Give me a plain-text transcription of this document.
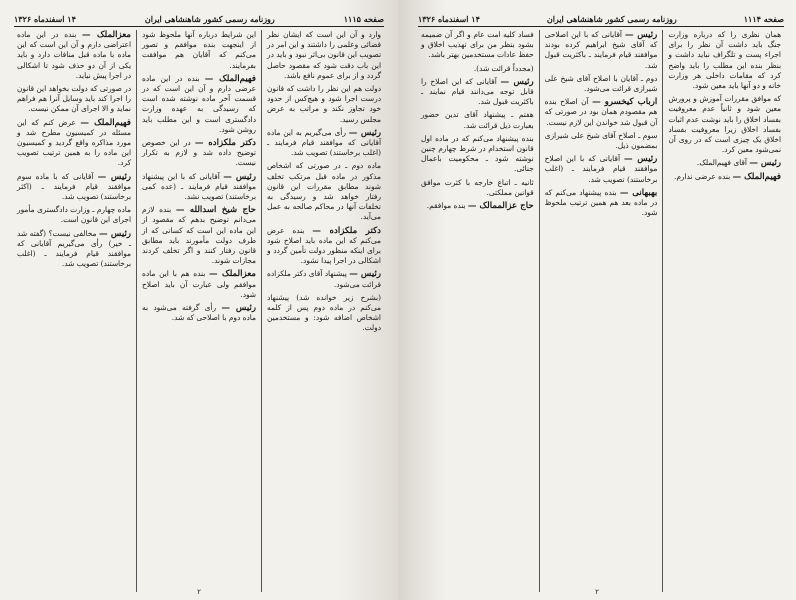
صفحه ۱۱۱۵
روزنامه رسمی کشور شاهنشاهی ایران
۱۴ اسفندماه ۱۳۲۶

وارد و آن این است که ایشان نظر قضائی وعلمی را داشتند و این امر در تصویب این قانون بی‌اثر نبود و باید در این باب دقت شود که مقصود حاصل گردد و از برای عموم نافع باشد.

دولت هم این نظر را داشت که قانون درست اجرا شود و هیچ‌کس از حدود خود تجاوز نکند و مراتب به عرض مجلس رسید.

رئیس — رأی می‌گیریم به این ماده آقایانی که موافقند قیام فرمایند ـ (اغلب برخاستند) تصویب شد.

ماده دوم ـ در صورتی که اشخاص مذکور در ماده قبل مرتکب تخلف شوند مطابق مقررات این قانون رفتار خواهد شد و رسیدگی به تخلفات آنها در محاکم صالحه به عمل می‌آید.

دکتر ملکزاده — بنده عرض می‌کنم که این ماده باید اصلاح شود برای اینکه منظور دولت تأمین گردد و اشکالی در اجرا پیدا نشود.

رئیس — پیشنهاد آقای دکتر ملکزاده قرائت می‌شود.

(بشرح زیر خوانده شد) پیشنهاد می‌کنم در ماده دوم پس از کلمه اشخاص اضافه شود: و مستخدمین دولت.

این شرایط درباره آنها ملحوظ شود از اینجهت بنده موافقم و تصور می‌کنم که آقایان هم موافقت بفرمایند.

فهیم‌الملک — بنده در این ماده عرضی دارم و آن این است که در قسمت آخر ماده نوشته شده است که رسیدگی به عهده وزارت دادگستری است و این مطلب باید روشن شود.

دکتر ملکزاده — در این خصوص توضیح داده شد و لازم به تکرار نیست.

رئیس — آقایانی که با این پیشنهاد موافقند قیام فرمایند ـ (عده کمی برخاستند) تصویب نشد.

حاج شیخ اسدالله — بنده لازم می‌دانم توضیح بدهم که مقصود از این ماده این است که کسانی که از طرف دولت مأمورند باید مطابق قانون رفتار کنند و اگر تخلف کردند مجازات شوند.

معزالملک — بنده هم با این ماده موافقم ولی عبارت آن باید اصلاح شود.

رئیس — رأی گرفته می‌شود به ماده دوم با اصلاحی که شد.

معزالملک — بنده در این ماده اعتراضی دارم و آن این است که این ماده با ماده قبل منافات دارد و باید یکی از آن دو حذف شود تا اشکالی در اجرا پیش نیاید.

در صورتی که دولت بخواهد این قانون را اجرا کند باید وسایل آنرا هم فراهم نماید و الا اجرای آن ممکن نیست.

فهیم‌الملک — عرض کنم که این مسئله در کمیسیون مطرح شد و مورد مذاکره واقع گردید و کمیسیون این ماده را به همین ترتیب تصویب کرد.

رئیس — آقایانی که با ماده سوم موافقند قیام فرمایند ـ (اکثر برخاستند) تصویب شد.

ماده چهارم ـ وزارت دادگستری مأمور اجرای این قانون است.

رئیس — مخالفی نیست؟ (گفته شد ـ خیر) رأی می‌گیریم آقایانی که موافقند قیام فرمایند ـ (اغلب برخاستند) تصویب شد.

۲
صفحه ۱۱۱۴
روزنامه رسمی کشور شاهنشاهی ایران
۱۴ اسفندماه ۱۳۲۶

همان نظری را که درباره وزارت جنگ باید داشت آن نظر را برای اجراء پست و تلگراف نباید داشت و بنظر بنده این مطلب را باید واضح کرد که مقامات داخلی هر وزارت خانه و دو آنها باید معین شود.

که موافق مقررات آموزش و پرورش معین شود و ثانیاً عدم معروفیت بفساد اخلاق را باید نوشت عدم اثبات بفساد اخلاق زیرا معروفیت بفساد اخلاق یک چیزی است که در روی آن نمی‌شود معین کرد.

رئیس — آقای فهیم‌الملک.

فهیم‌الملک — بنده عرضی ندارم.

رئیس — آقایانی که با این اصلاحی که آقای شیخ ابراهیم کرده بودند موافقند قیام فرمایند ـ باکثریت قبول شد.

دوم ـ آقایان با اصلاح آقای شیخ علی شیرازی قرائت می‌شود.

ارباب کیخسرو — آن اصلاح بنده هم مقصودم همان بود در صورتی که آن قبول شد خواندن این لازم نیست.

سوم ـ اصلاح آقای شیخ علی شیرازی بمضمون ذیل.

رئیس — آقایانی که با این اصلاح موافقند قیام فرمایند ـ (اغلب برخاستند) تصویب شد.

بهبهانی — بنده پیشنهاد می‌کنم که در ماده بعد هم همین ترتیب ملحوظ شود.

فساد کلیه امت عام و اگر آن ضمیمه بشود بنظر من برای تهذیب اخلاق و حفظ عادات مستخدمین بهتر باشد.

(مجدداً قرائت شد).

رئیس — آقایانی که این اصلاح را قابل توجه می‌دانند قیام نمایند ـ باکثریت قبول شد.

هفتم ـ پیشنهاد آقای تدین حضور بعبارت ذیل قرائت شد.

بنده پیشنهاد می‌کنم که در ماده اول قانون استخدام در شرط چهارم چنین نوشته شود ـ محکومیت باعمال جنائی.

ثانیه ـ اتباع خارجه با کثرت موافق قوانین مملکتی.

حاج عزالممالک — بنده موافقم.

۲
